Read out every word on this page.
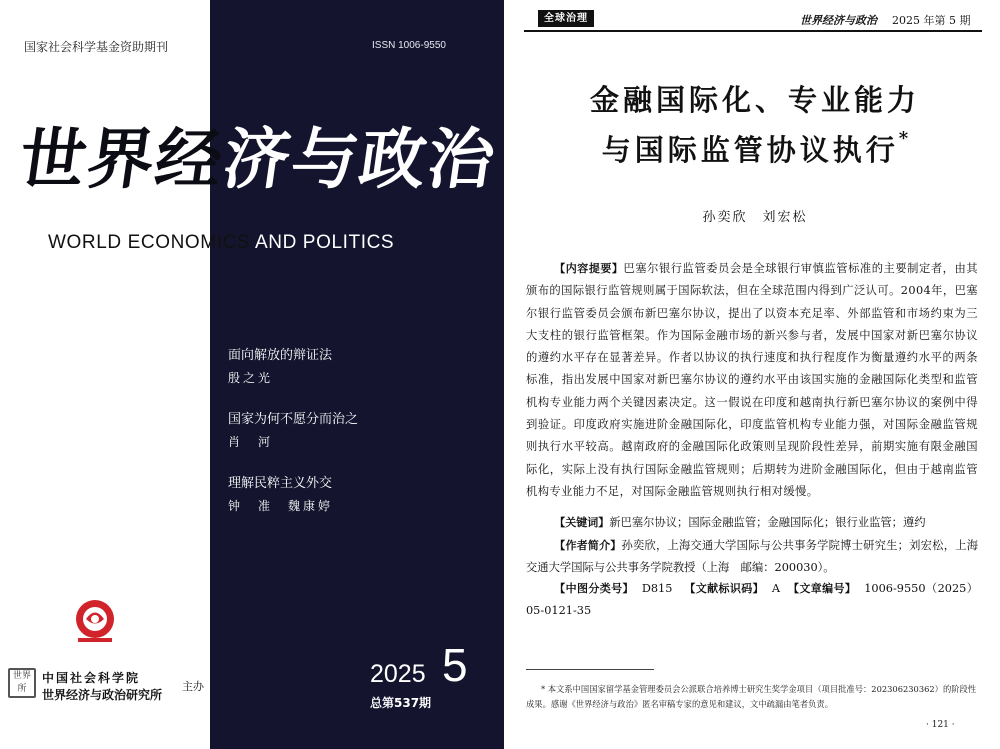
国家社会科学基金资助期刊	ISSN 1006-9550
世界经济与政治
WORLD ECONOMICS AND POLITICS
面向解放的辩证法
殷之光
国家为何不愿分而治之
肖　河
理解民粹主义外交
钟　准　魏康婷
世界所
中国社会科学院
世界经济与政治研究所
主办	2025 5
总第537期
全球治理	世界经济与政治 2025 年第 5 期
金融国际化、专业能力
与国际监管协议执行*
孙奕欣　刘宏松
【内容提要】巴塞尔银行监管委员会是全球银行审慎监管标准的主要制定者，由其颁布的国际银行监管规则属于国际软法，但在全球范围内得到广泛认可。2004年，巴塞尔银行监管委员会颁布新巴塞尔协议，提出了以资本充足率、外部监管和市场约束为三大支柱的银行监管框架。作为国际金融市场的新兴参与者，发展中国家对新巴塞尔协议的遵约水平存在显著差异。作者以协议的执行速度和执行程度作为衡量遵约水平的两条标准，指出发展中国家对新巴塞尔协议的遵约水平由该国实施的金融国际化类型和监管机构专业能力两个关键因素决定。这一假说在印度和越南执行新巴塞尔协议的案例中得到验证。印度政府实施进阶金融国际化，印度监管机构专业能力强，对国际金融监管规则执行水平较高。越南政府的金融国际化政策则呈现阶段性差异，前期实施有限金融国际化，实际上没有执行国际金融监管规则；后期转为进阶金融国际化，但由于越南监管机构专业能力不足，对国际金融监管规则执行相对缓慢。
【关键词】新巴塞尔协议；国际金融监管；金融国际化；银行业监管；遵约
【作者简介】孙奕欣，上海交通大学国际与公共事务学院博士研究生；刘宏松，上海交通大学国际与公共事务学院教授（上海　邮编：200030）。
【中图分类号】 D815 【文献标识码】 A 【文章编号】 1006-9550（2025）05-0121-35
* 本文系中国国家留学基金管理委员会公派联合培养博士研究生奖学金项目（项目批准号：202306230362）的阶段性成果。感谢《世界经济与政治》匿名审稿专家的意见和建议，文中疏漏由笔者负责。
· 121 ·
